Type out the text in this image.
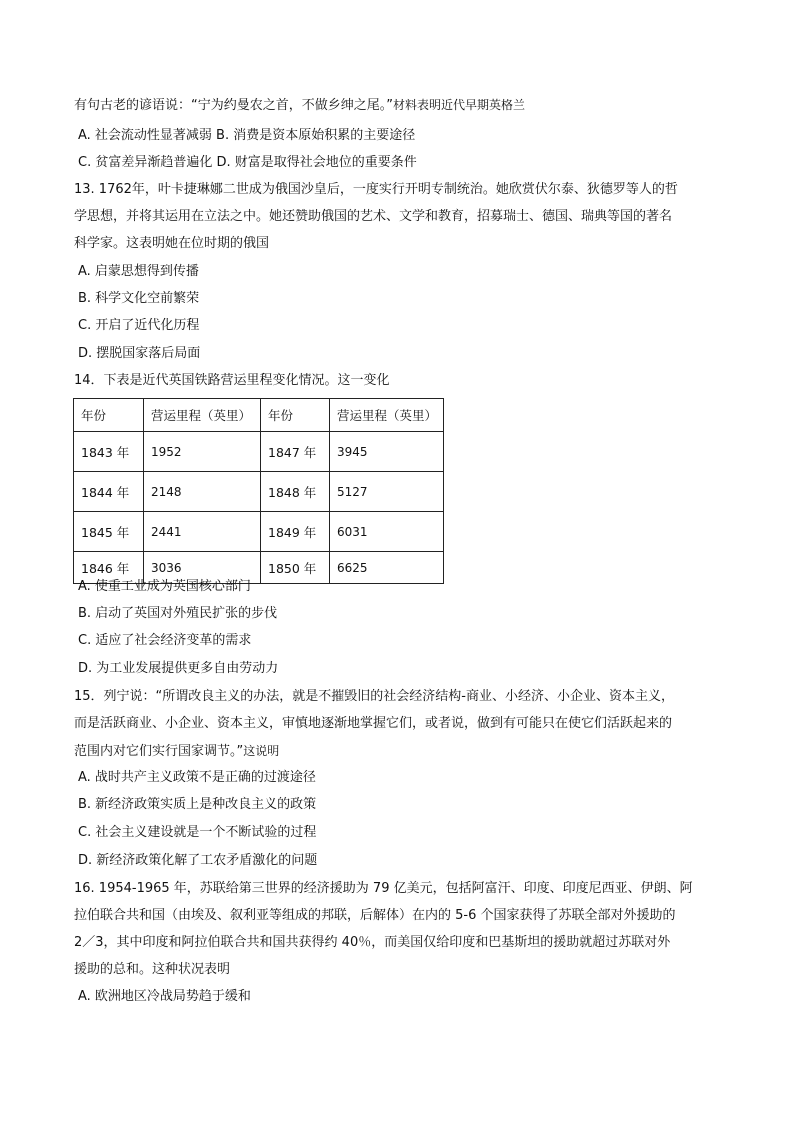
有句古老的谚语说：“宁为约曼农之首，不做乡绅之尾。”材料表明近代早期英格兰
A. 社会流动性显著减弱 B. 消费是资本原始积累的主要途径
C. 贫富差异渐趋普遍化 D. 财富是取得社会地位的重要条件
13. 1762年，叶卡捷琳娜二世成为俄国沙皇后，一度实行开明专制统治。她欣赏伏尔泰、狄德罗等人的哲
学思想，并将其运用在立法之中。她还赞助俄国的艺术、文学和教育，招募瑞士、德国、瑞典等国的著名
科学家。这表明她在位时期的俄国
A. 启蒙思想得到传播
B. 科学文化空前繁荣
C. 开启了近代化历程
D. 摆脱国家落后局面
14．下表是近代英国铁路营运里程变化情况。这一变化
年份	营运里程（英里）	年份	营运里程（英里）
1843 年	1952	1847 年	3945
1844 年	2148	1848 年	5127
1845 年	2441	1849 年	6031
1846 年	3036	1850 年	6625
A. 使重工业成为英国核心部门
B. 启动了英国对外殖民扩张的步伐
C. 适应了社会经济变革的需求
D. 为工业发展提供更多自由劳动力
15．列宁说：“所谓改良主义的办法，就是不摧毁旧的社会经济结构-商业、小经济、小企业、资本主义，
而是活跃商业、小企业、资本主义，审慎地逐渐地掌握它们，或者说，做到有可能只在使它们活跃起来的
范围内对它们实行国家调节。”这说明
A. 战时共产主义政策不是正确的过渡途径
B. 新经济政策实质上是种改良主义的政策
C. 社会主义建设就是一个不断试验的过程
D. 新经济政策化解了工农矛盾激化的问题
16. 1954-1965 年，苏联给第三世界的经济援助为 79 亿美元，包括阿富汗、印度、印度尼西亚、伊朗、阿
拉伯联合共和国（由埃及、叙利亚等组成的邦联，后解体）在内的 5-6 个国家获得了苏联全部对外援助的
2／3，其中印度和阿拉伯联合共和国共获得约 40％，而美国仅给印度和巴基斯坦的援助就超过苏联对外
援助的总和。这种状况表明
A. 欧洲地区冷战局势趋于缓和
